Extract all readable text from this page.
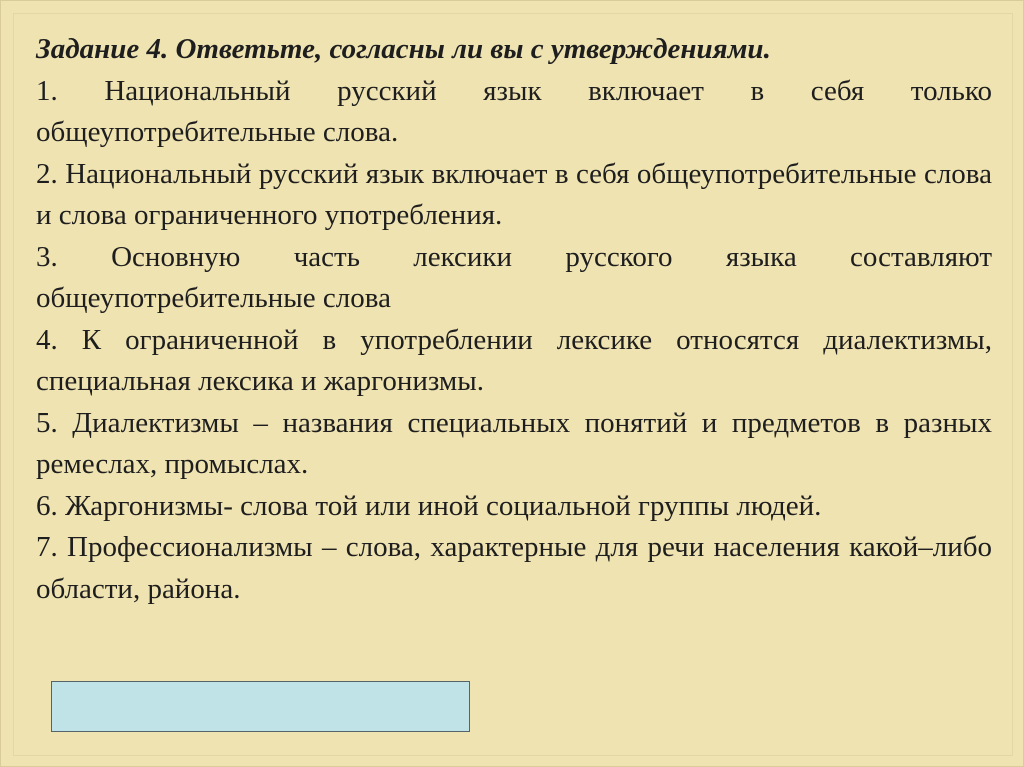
Задание 4. Ответьте, согласны ли вы с утверждениями.

1. Национальный русский язык включает в себя только общеупотребительные слова.

2. Национальный русский язык включает в себя общеупотребительные слова и слова ограниченного употребления.

3. Основную часть лексики русского языка составляют общеупотребительные слова

4. К ограниченной в употреблении лексике относятся диалектизмы, специальная лексика и жаргонизмы.

5. Диалектизмы – названия специальных понятий и предметов в разных ремеслах, промыслах.

6. Жаргонизмы- слова той или иной социальной группы людей.

7. Профессионализмы – слова, характерные для речи населения какой–либо области, района.
